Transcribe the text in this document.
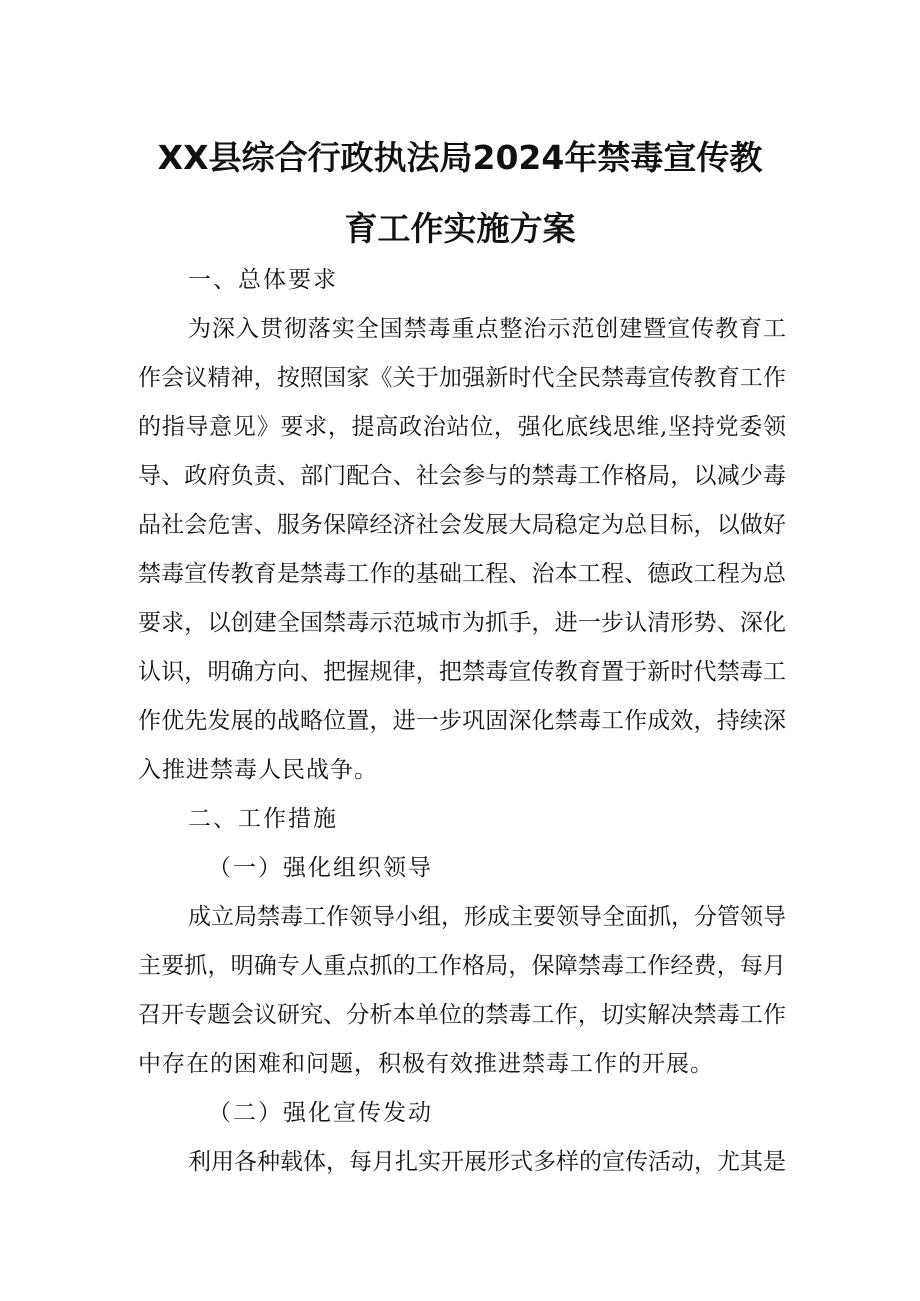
XX县综合行政执法局2024年禁毒宣传教
育工作实施方案
一、总体要求
为深入贯彻落实全国禁毒重点整治示范创建暨宣传教育工
作会议精神，按照国家《关于加强新时代全民禁毒宣传教育工作
的指导意见》要求，提高政治站位，强化底线思维,坚持党委领
导、政府负责、部门配合、社会参与的禁毒工作格局，以减少毒
品社会危害、服务保障经济社会发展大局稳定为总目标，以做好
禁毒宣传教育是禁毒工作的基础工程、治本工程、德政工程为总
要求，以创建全国禁毒示范城市为抓手，进一步认清形势、深化
认识，明确方向、把握规律，把禁毒宣传教育置于新时代禁毒工
作优先发展的战略位置，进一步巩固深化禁毒工作成效，持续深
入推进禁毒人民战争。
二、工作措施
（一）强化组织领导
成立局禁毒工作领导小组，形成主要领导全面抓，分管领导
主要抓，明确专人重点抓的工作格局，保障禁毒工作经费，每月
召开专题会议研究、分析本单位的禁毒工作，切实解决禁毒工作
中存在的困难和问题，积极有效推进禁毒工作的开展。
（二）强化宣传发动
利用各种载体，每月扎实开展形式多样的宣传活动，尤其是
